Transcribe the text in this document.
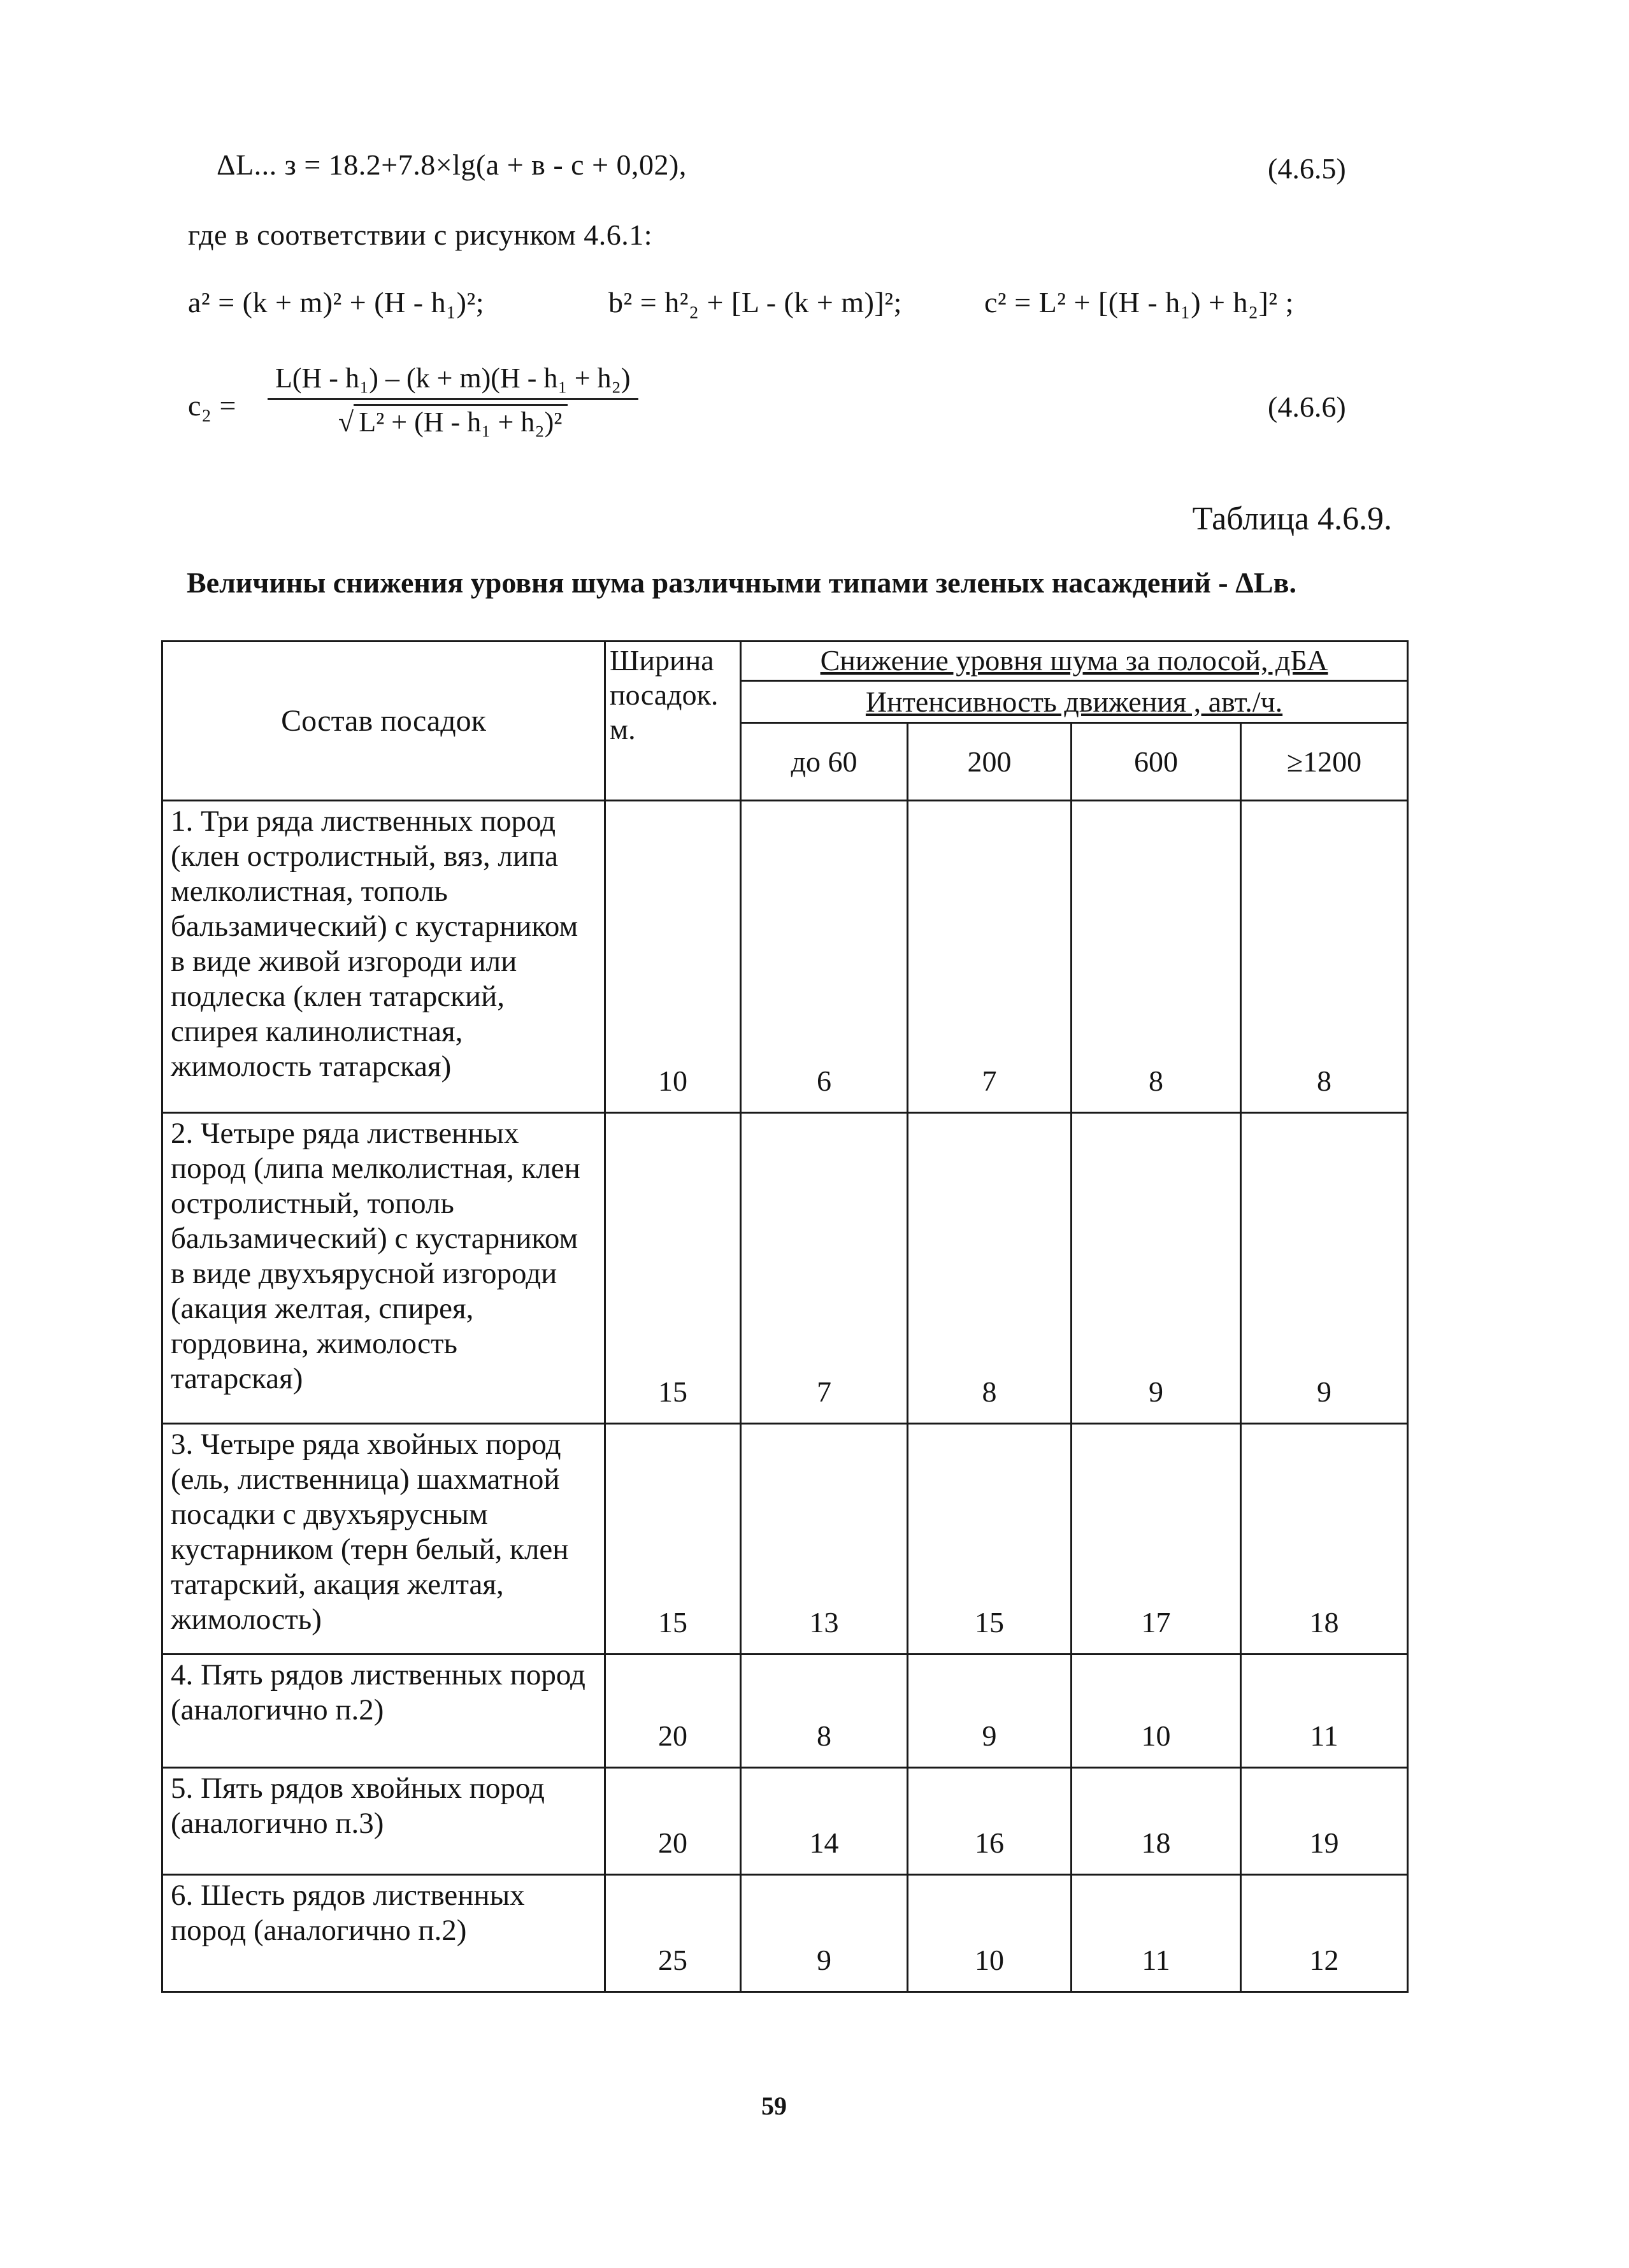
ΔL... з = 18.2+7.8×lg(a + в - c + 0,02),	(4.6.5)
где в соответствии с рисунком 4.6.1:
a² = (k + m)² + (H - h₁)²;	b² = h²₂ + [L - (k + m)]²;	c² = L² + [(H - h₁) + h₂]² ;
$c_2 = \frac{\text{L(H - h₁) – (k + m)(H - h₁ + h₂)}}{\text{√ L² + (H - h₁ + h₂)²}}$	(4.6.6)
Таблица 4.6.9.
Величины снижения уровня шума различными типами зеленых насаждений - ΔLв.
Состав посадок	Ширина посадок. м.	Снижение уровня шума за полосой, дБА			
		Интенсивность движения , авт./ч.			
		до 60	200	600	≥1200
1. Три ряда лиственных пород (клен остролистный, вяз, липа мелколистная, тополь бальзамический) с кустарником в виде живой изгороди или подлеска (клен татарский, спирея калинолистная, жимолость татарская)	10	6	7	8	8
2. Четыре ряда лиственных пород (липа мелколистная, клен остролистный, тополь бальзамический) с кустарником в виде двухъярусной изгороди (акация желтая, спирея, гордовина, жимолость татарская)	15	7	8	9	9
3. Четыре ряда хвойных пород (ель, лиственница) шахматной посадки с двухъярусным кустарником (терн белый, клен татарский, акация желтая, жимолость)	15	13	15	17	18
4. Пять рядов лиственных пород (аналогично п.2)	20	8	9	10	11
5. Пять рядов хвойных пород (аналогично п.3)	20	14	16	18	19
6. Шесть рядов лиственных пород (аналогично п.2)	25	9	10	11	12
59
